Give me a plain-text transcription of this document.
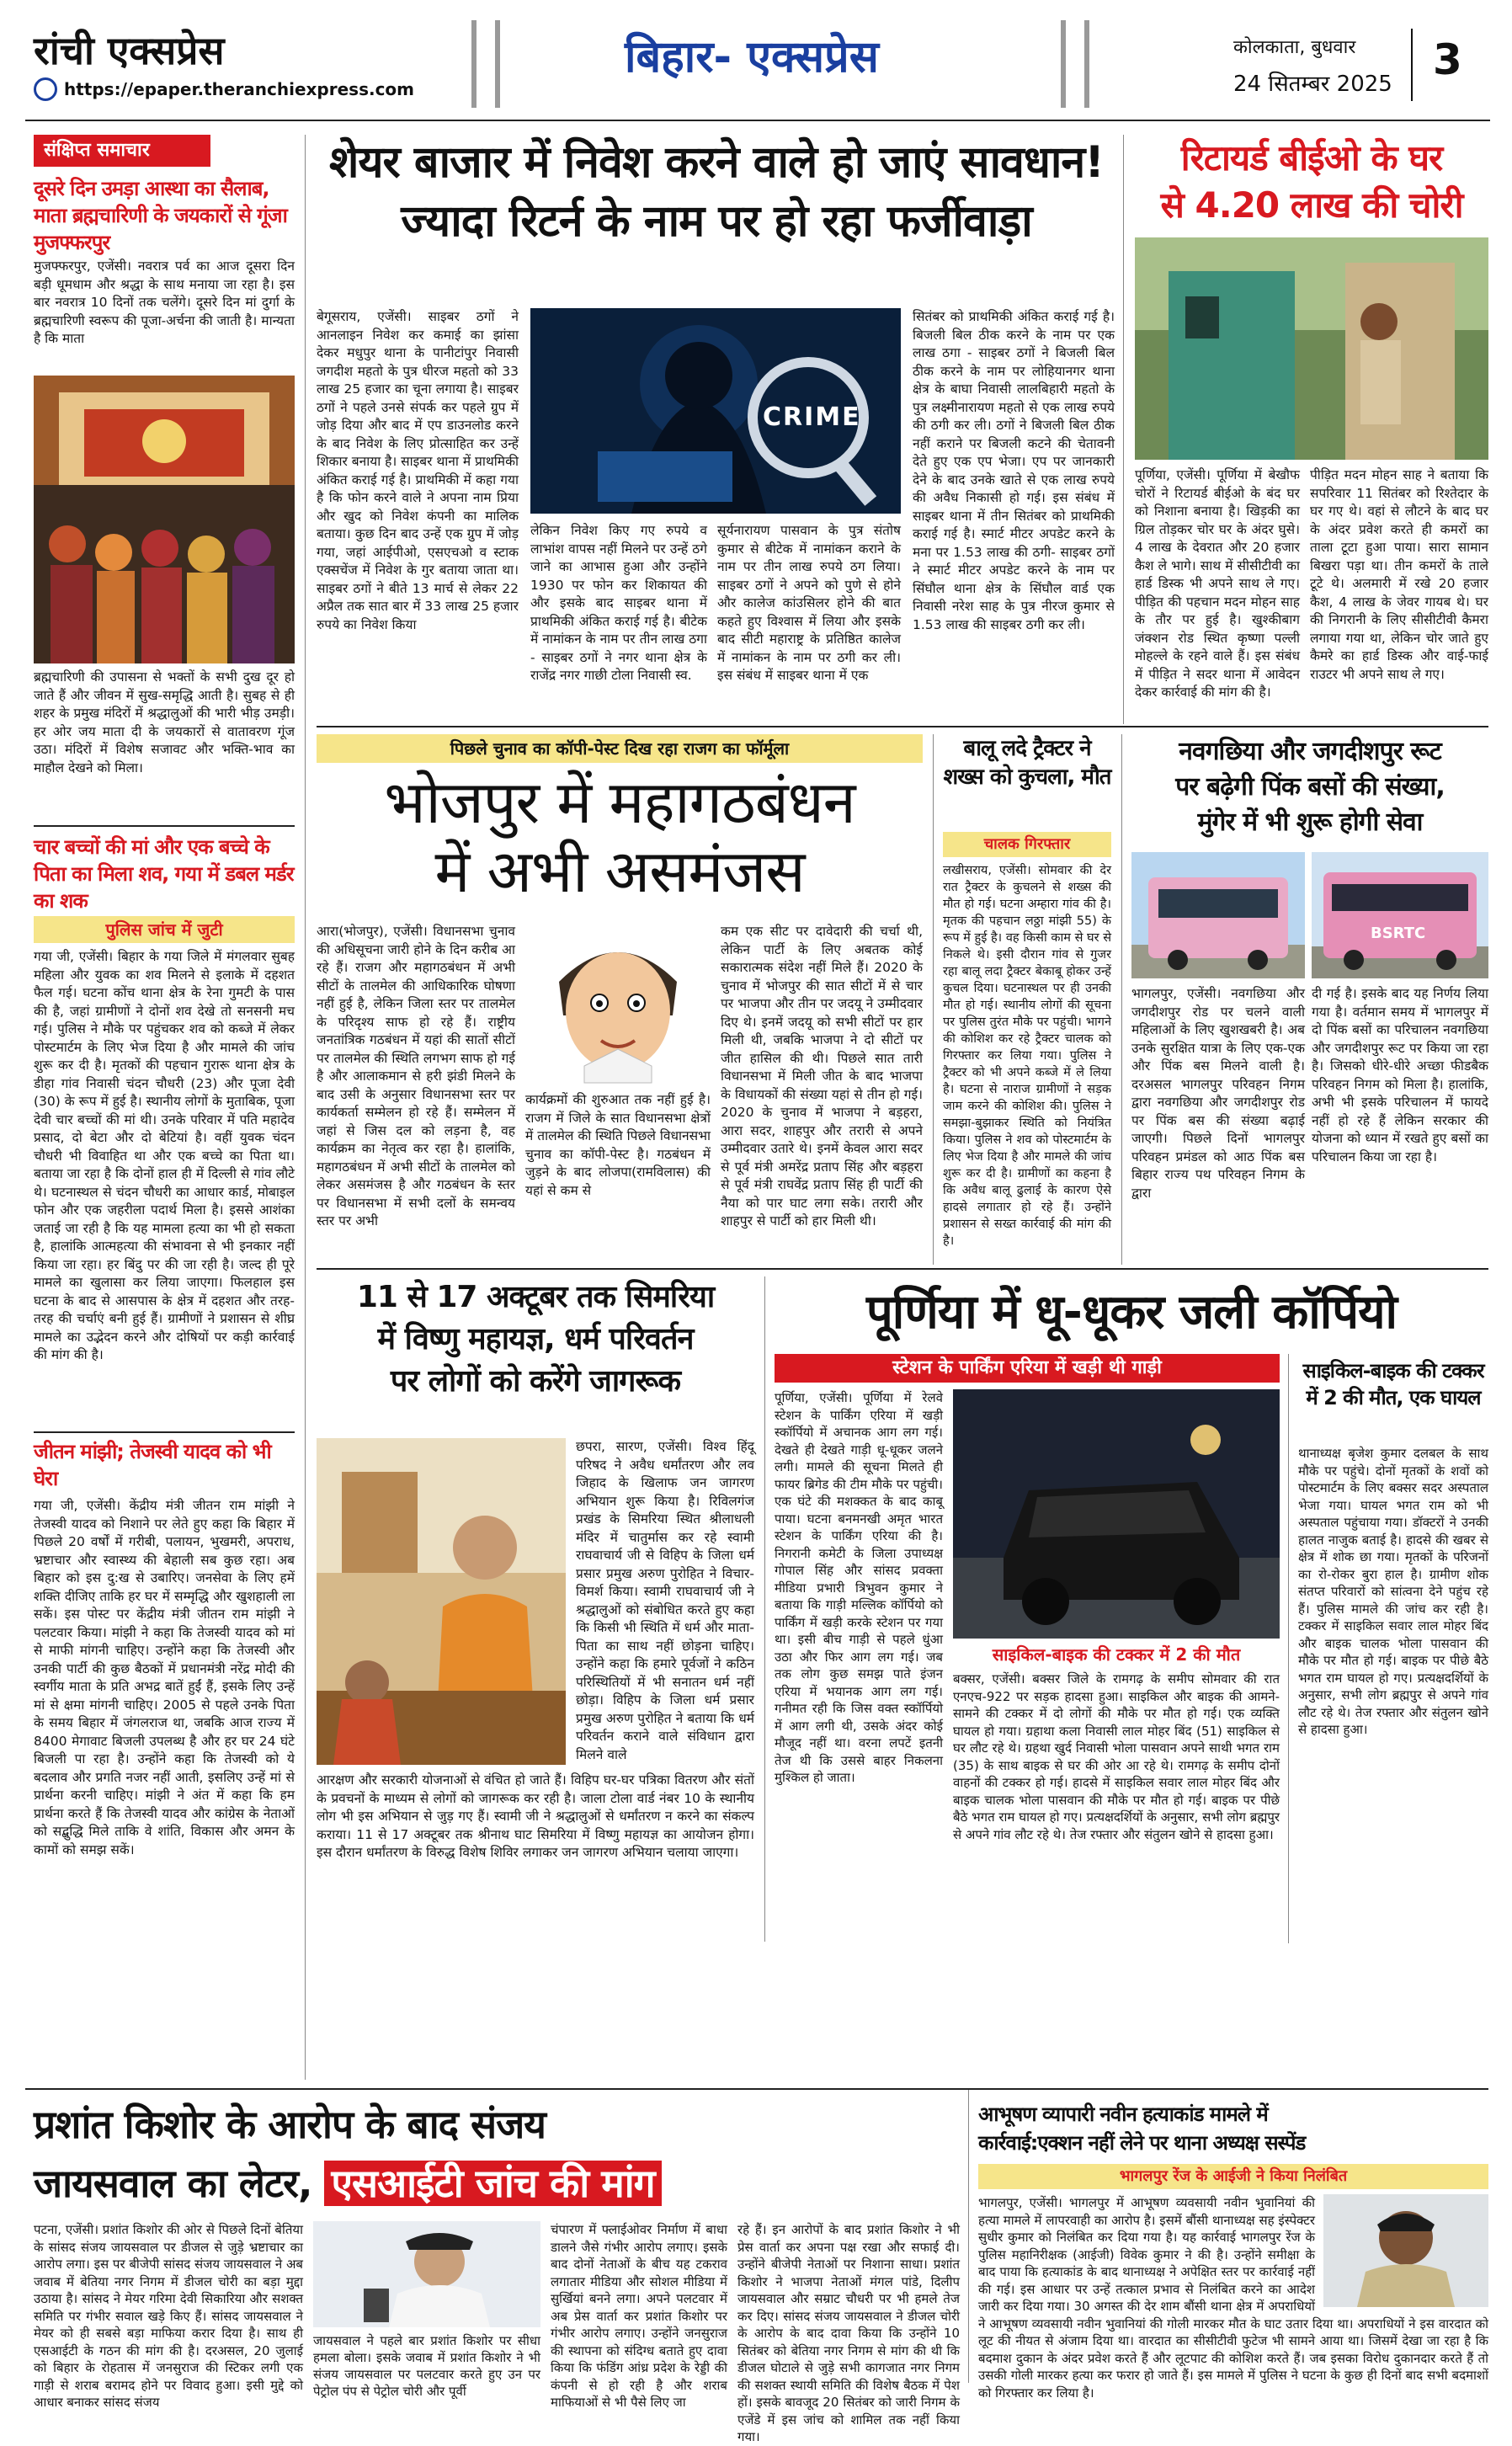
रांची एक्सप्रेस
https://epaper.theranchiexpress.com
बिहार- एक्सप्रेस	कोलकाता, बुधवार
24 सितम्बर 2025 3
संक्षिप्त समाचार
दूसरे दिन उमड़ा आस्था का सैलाब, माता ब्रह्मचारिणी के जयकारों से गूंजा मुजफ्फरपुर
मुजफ्फरपुर, एजेंसी। नवरात्र पर्व का आज दूसरा दिन बड़ी धूमधाम और श्रद्धा के साथ मनाया जा रहा है। इस बार नवरात्र 10 दिनों तक चलेंगे। दूसरे दिन मां दुर्गा के ब्रह्मचारिणी स्वरूप की पूजा-अर्चना की जाती है। मान्यता है कि माता
ब्रह्मचारिणी की उपासना से भक्तों के सभी दुख दूर हो जाते हैं और जीवन में सुख-समृद्धि आती है। सुबह से ही शहर के प्रमुख मंदिरों में श्रद्धालुओं की भारी भीड़ उमड़ी। हर ओर जय माता दी के जयकारों से वातावरण गूंज उठा। मंदिरों में विशेष सजावट और भक्ति-भाव का माहौल देखने को मिला।
चार बच्चों की मां और एक बच्चे के पिता का मिला शव, गया में डबल मर्डर का शक
पुलिस जांच में जुटी
गया जी, एजेंसी। बिहार के गया जिले में मंगलवार सुबह महिला और युवक का शव मिलने से इलाके में दहशत फैल गई। घटना कोंच थाना क्षेत्र के रेना गुमटी के पास की है, जहां ग्रामीणों ने दोनों शव देखे तो सनसनी मच गई। पुलिस ने मौके पर पहुंचकर शव को कब्जे में लेकर पोस्टमार्टम के लिए भेज दिया है और मामले की जांच शुरू कर दी है। मृतकों की पहचान गुरारू थाना क्षेत्र के डीहा गांव निवासी चंदन चौधरी (23) और पूजा देवी (30) के रूप में हुई है। स्थानीय लोगों के मुताबिक, पूजा देवी चार बच्चों की मां थी। उनके परिवार में पति महादेव प्रसाद, दो बेटा और दो बेटियां है। वहीं युवक चंदन चौधरी भी विवाहित था और एक बच्चे का पिता था। बताया जा रहा है कि दोनों हाल ही में दिल्ली से गांव लौटे थे। घटनास्थल से चंदन चौधरी का आधार कार्ड, मोबाइल फोन और एक जहरीला पदार्थ मिला है। इससे आशंका जताई जा रही है कि यह मामला हत्या का भी हो सकता है, हालांकि आत्महत्या की संभावना से भी इनकार नहीं किया जा रहा। हर बिंदु पर की जा रही है। जल्द ही पूरे मामले का खुलासा कर लिया जाएगा। फिलहाल इस घटना के बाद से आसपास के क्षेत्र में दहशत और तरह-तरह की चर्चाएं बनी हुई हैं। ग्रामीणों ने प्रशासन से शीघ्र मामले का उद्भेदन करने और दोषियों पर कड़ी कार्रवाई की मांग की है।
जीतन मांझी; तेजस्वी यादव को भी घेरा
गया जी, एजेंसी। केंद्रीय मंत्री जीतन राम मांझी ने तेजस्वी यादव को निशाने पर लेते हुए कहा कि बिहार में पिछले 20 वर्षों में गरीबी, पलायन, भुखमरी, अपराध, भ्रष्टाचार और स्वास्थ्य की बेहाली सब कुछ रहा। अब बिहार को इस दु:ख से उबारिए। जनसेवा के लिए हमें शक्ति दीजिए ताकि हर घर में सम्मृद्धि और खुशहाली ला सकें। इस पोस्ट पर केंद्रीय मंत्री जीतन राम मांझी ने पलटवार किया। मांझी ने कहा कि तेजस्वी यादव को मां से माफी मांगनी चाहिए। उन्होंने कहा कि तेजस्वी और उनकी पार्टी की कुछ बैठकों में प्रधानमंत्री नरेंद्र मोदी की स्वर्गीय माता के प्रति अभद्र बातें हुईं हैं, इसके लिए उन्हें मां से क्षमा मांगनी चाहिए। 2005 से पहले उनके पिता के समय बिहार में जंगलराज था, जबकि आज राज्य में 8400 मेगावाट बिजली उपलब्ध है और हर घर 24 घंटे बिजली पा रहा है। उन्होंने कहा कि तेजस्वी को ये बदलाव और प्रगति नजर नहीं आती, इसलिए उन्हें मां से प्रार्थना करनी चाहिए। मांझी ने अंत में कहा कि हम प्रार्थना करते हैं कि तेजस्वी यादव और कांग्रेस के नेताओं को सद्बुद्धि मिले ताकि वे शांति, विकास और अमन के कामों को समझ सकें।
शेयर बाजार में निवेश करने वाले हो जाएं सावधान!
ज्यादा रिटर्न के नाम पर हो रहा फर्जीवाड़ा
CRIME
बेगूसराय, एजेंसी। साइबर ठगों ने आनलाइन निवेश कर कमाई का झांसा देकर मधुपुर थाना के पानीटांपुर निवासी जगदीश महतो के पुत्र धीरज महतो को 33 लाख 25 हजार का चूना लगाया है। साइबर ठगों ने पहले उनसे संपर्क कर पहले ग्रुप में जोड़ दिया और बाद में एप डाउनलोड करने के बाद निवेश के लिए प्रोत्साहित कर उन्हें शिकार बनाया है। साइबर थाना में प्राथमिकी अंकित कराई गई है। प्राथमिकी में कहा गया है कि फोन करने वाले ने अपना नाम प्रिया और खुद को निवेश कंपनी का मालिक बताया। कुछ दिन बाद उन्हें एक ग्रुप में जोड़ गया, जहां आईपीओ, एसएचओ व स्टाक एक्सचेंज में निवेश के गुर बताया जाता था। साइबर ठगों ने बीते 13 मार्च से लेकर 22 अप्रैल तक सात बार में 33 लाख 25 हजार रुपये का निवेश किया
लेकिन निवेश किए गए रुपये व लाभांश वापस नहीं मिलने पर उन्हें ठगे जाने का आभास हुआ और उन्होंने 1930 पर फोन कर शिकायत की और इसके बाद साइबर थाना में प्राथमिकी अंकित कराई गई है। बीटेक में नामांकन के नाम पर तीन लाख ठगा - साइबर ठगों ने नगर थाना क्षेत्र के राजेंद्र नगर गाछी टोला निवासी स्व.
सूर्यनारायण पासवान के पुत्र संतोष कुमार से बीटेक में नामांकन कराने के नाम पर तीन लाख रुपये ठग लिया। साइबर ठगों ने अपने को पुणे से होने और कालेज कांउसिलर होने की बात कहते हुए विश्वास में लिया और इसके बाद सीटी महाराष्ट्र के प्रतिष्ठित कालेज में नामांकन के नाम पर ठगी कर ली। इस संबंध में साइबर थाना में एक
सितंबर को प्राथमिकी अंकित कराई गई है। बिजली बिल ठीक करने के नाम पर एक लाख ठगा - साइबर ठगों ने बिजली बिल ठीक करने के नाम पर लोहियानगर थाना क्षेत्र के बाघा निवासी लालबिहारी महतो के पुत्र लक्ष्मीनारायण महतो से एक लाख रुपये की ठगी कर ली। ठगों ने बिजली बिल ठीक नहीं कराने पर बिजली कटने की चेतावनी देते हुए एक एप भेजा। एप पर जानकारी देने के बाद उनके खाते से एक लाख रुपये की अवैध निकासी हो गई। इस संबंध में साइबर थाना में तीन सितंबर को प्राथमिकी कराई गई है। स्मार्ट मीटर अपडेट करने के मना पर 1.53 लाख की ठगी- साइबर ठगों ने स्मार्ट मीटर अपडेट करने के नाम पर सिंघौल थाना क्षेत्र के सिंघौल वार्ड एक निवासी नरेश साह के पुत्र नीरज कुमार से 1.53 लाख की साइबर ठगी कर ली।
रिटायर्ड बीईओ के घर
से 4.20 लाख की चोरी
पूर्णिया, एजेंसी। पूर्णिया में बेखौफ चोरों ने रिटायर्ड बीईओ के बंद घर को निशाना बनाया है। खिड़की का ग्रिल तोड़कर चोर घर के अंदर घुसे। 4 लाख के देवरात और 20 हजार कैश ले भागे। साथ में सीसीटीवी का हार्ड डिस्क भी अपने साथ ले गए। पीड़ित की पहचान मदन मोहन साह के तौर पर हुई है। खुश्कीबाग जंक्शन रोड स्थित कृष्णा पल्ली मोहल्ले के रहने वाले हैं। इस संबंध में पीड़ित ने सदर थाना में आवेदन देकर कार्रवाई की मांग की है।
पीड़ित मदन मोहन साह ने बताया कि सपरिवार 11 सितंबर को रिश्तेदार के घर गए थे। वहां से लौटने के बाद घर के अंदर प्रवेश करते ही कमरों का ताला टूटा हुआ पाया। सारा सामान बिखरा पड़ा था। तीन कमरों के ताले टूटे थे। अलमारी में रखे 20 हजार कैश, 4 लाख के जेवर गायब थे। घर की निगरानी के लिए सीसीटीवी कैमरा लगाया गया था, लेकिन चोर जाते हुए कैमरे का हार्ड डिस्क और वाई-फाई राउटर भी अपने साथ ले गए।
पिछले चुनाव का कॉपी-पेस्ट दिख रहा राजग का फॉर्मूला
भोजपुर में महागठबंधन
में अभी असमंजस
आरा(भोजपुर), एजेंसी। विधानसभा चुनाव की अधिसूचना जारी होने के दिन करीब आ रहे हैं। राजग और महागठबंधन में अभी सीटों के तालमेल की आधिकारिक घोषणा नहीं हुई है, लेकिन जिला स्तर पर तालमेल के परिदृश्य साफ हो रहे हैं। राष्ट्रीय जनतांत्रिक गठबंधन में यहां की सातों सीटों पर तालमेल की स्थिति लगभग साफ हो गई है और आलाकमान से हरी झंडी मिलने के बाद उसी के अनुसार विधानसभा स्तर पर कार्यकर्ता सम्मेलन हो रहे हैं। सम्मेलन में जहां से जिस दल को लड़ना है, वह कार्यक्रम का नेतृत्व कर रहा है। हालांकि, महागठबंधन में अभी सीटों के तालमेल को लेकर असमंजस है और गठबंधन के स्तर पर विधानसभा में सभी दलों के समन्वय स्तर पर अभी
कार्यक्रमों की शुरुआत तक नहीं हुई है। राजग में जिले के सात विधानसभा क्षेत्रों में तालमेल की स्थिति पिछले विधानसभा चुनाव का कॉपी-पेस्ट है। गठबंधन में जुड़ने के बाद लोजपा(रामविलास) की यहां से कम से
कम एक सीट पर दावेदारी की चर्चा थी, लेकिन पार्टी के लिए अबतक कोई सकारात्मक संदेश नहीं मिले हैं। 2020 के चुनाव में भोजपुर की सात सीटों में से चार पर भाजपा और तीन पर जदयू ने उम्मीदवार दिए थे। इनमें जदयू को सभी सीटों पर हार मिली थी, जबकि भाजपा ने दो सीटों पर जीत हासिल की थी। पिछले सात तारी विधानसभा में मिली जीत के बाद भाजपा के विधायकों की संख्या यहां से तीन हो गई। 2020 के चुनाव में भाजपा ने बड़हरा, आरा सदर, शाहपुर और तरारी से अपने उम्मीदवार उतारे थे। इनमें केवल आरा सदर से पूर्व मंत्री अमरेंद्र प्रताप सिंह और बड़हरा से पूर्व मंत्री राघवेंद्र प्रताप सिंह ही पार्टी की नैया को पार घाट लगा सके। तरारी और शाहपुर से पार्टी को हार मिली थी।
बालू लदे ट्रैक्टर ने शख्स को कुचला, मौत
चालक गिरफ्तार
लखीसराय, एजेंसी। सोमवार की देर रात ट्रैक्टर के कुचलने से शख्स की मौत हो गई। घटना अम्हारा गांव की है। मृतक की पहचान लठ्ठा मांझी 55) के रूप में हुई है। वह किसी काम से घर से निकले थे। इसी दौरान गांव से गुजर रहा बालू लदा ट्रैक्टर बेकाबू होकर उन्हें कुचल दिया। घटनास्थल पर ही उनकी मौत हो गई। स्थानीय लोगों की सूचना पर पुलिस तुरंत मौके पर पहुंची। भागने की कोशिश कर रहे ट्रैक्टर चालक को गिरफ्तार कर लिया गया। पुलिस ने ट्रैक्टर को भी अपने कब्जे में ले लिया है। घटना से नाराज ग्रामीणों ने सड़क जाम करने की कोशिश की। पुलिस ने समझा-बुझाकर स्थिति को नियंत्रित किया। पुलिस ने शव को पोस्टमार्टम के लिए भेज दिया है और मामले की जांच शुरू कर दी है। ग्रामीणों का कहना है कि अवैध बालू ढुलाई के कारण ऐसे हादसे लगातार हो रहे हैं। उन्होंने प्रशासन से सख्त कार्रवाई की मांग की है।
नवगछिया और जगदीशपुर रूट
पर बढ़ेगी पिंक बसों की संख्या,
मुंगेर में भी शुरू होगी सेवा
BSRTC
भागलपुर, एजेंसी। नवगछिया और जगदीशपुर रोड पर चलने वाली महिलाओं के लिए खुशखबरी है। अब उनके सुरक्षित यात्रा के लिए एक-एक और पिंक बस मिलने वाली है। दरअसल भागलपुर परिवहन निगम द्वारा नवगछिया और जगदीशपुर रोड पर पिंक बस की संख्या बढ़ाई जाएगी। पिछले दिनों भागलपुर परिवहन प्रमंडल को आठ पिंक बस बिहार राज्य पथ परिवहन निगम के द्वारा
दी गई है। इसके बाद यह निर्णय लिया गया है। वर्तमान समय में भागलपुर में दो पिंक बसों का परिचालन नवगछिया और जगदीशपुर रूट पर किया जा रहा है। जिसको धीरे-धीरे अच्छा फीडबैक परिवहन निगम को मिला है। हालांकि, अभी भी इसके परिचालन में फायदे नहीं हो रहे हैं लेकिन सरकार की योजना को ध्यान में रखते हुए बसों का परिचालन किया जा रहा है।
11 से 17 अक्टूबर तक सिमरिया
में विष्णु महायज्ञ, धर्म परिवर्तन
पर लोगों को करेंगे जागरूक
छपरा, सारण, एजेंसी। विश्व हिंदू परिषद ने अवैध धर्मांतरण और लव जिहाद के खिलाफ जन जागरण अभियान शुरू किया है। रिविलगंज प्रखंड के सिमरिया स्थित श्रीलाधली मंदिर में चातुर्मास कर रहे स्वामी राघवाचार्य जी से विहिप के जिला धर्म प्रसार प्रमुख अरुण पुरोहित ने विचार-विमर्श किया। स्वामी राघवाचार्य जी ने श्रद्धालुओं को संबोधित करते हुए कहा कि किसी भी स्थिति में धर्म और माता-पिता का साथ नहीं छोड़ना चाहिए। उन्होंने कहा कि हमारे पूर्वजों ने कठिन परिस्थितियों में भी सनातन धर्म नहीं छोड़ा। विहिप के जिला धर्म प्रसार प्रमुख अरुण पुरोहित ने बताया कि धर्म परिवर्तन कराने वाले संविधान द्वारा मिलने वाले
आरक्षण और सरकारी योजनाओं से वंचित हो जाते हैं। विहिप घर-घर पत्रिका वितरण और संतों के प्रवचनों के माध्यम से लोगों को जागरूक कर रही है। जाला टोला वार्ड नंबर 10 के स्थानीय लोग भी इस अभियान से जुड़ गए हैं। स्वामी जी ने श्रद्धालुओं से धर्मांतरण न करने का संकल्प कराया। 11 से 17 अक्टूबर तक श्रीनाथ घाट सिमरिया में विष्णु महायज्ञ का आयोजन होगा। इस दौरान धर्मांतरण के विरुद्ध विशेष शिविर लगाकर जन जागरण अभियान चलाया जाएगा।
पूर्णिया में धू-धूकर जली कॉर्पियो
स्टेशन के पार्किंग एरिया में खड़ी थी गाड़ी
पूर्णिया, एजेंसी। पूर्णिया में रेलवे स्टेशन के पार्किंग एरिया में खड़ी स्कॉर्पियो में अचानक आग लग गई। देखते ही देखते गाड़ी धू-धूकर जलने लगी। मामले की सूचना मिलते ही फायर ब्रिगेड की टीम मौके पर पहुंची। एक घंटे की मशक्कत के बाद काबू पाया। घटना बनमनखी अमृत भारत स्टेशन के पार्किंग एरिया की है। निगरानी कमेटी के जिला उपाध्यक्ष गोपाल सिंह और सांसद प्रवक्ता मीडिया प्रभारी त्रिभुवन कुमार ने बताया कि गाड़ी मल्लिक कॉर्पियो को पार्किंग में खड़ी करके स्टेशन पर गया था। इसी बीच गाड़ी से पहले धुंआ उठा और फिर आग लग गई। जब तक लोग कुछ समझ पाते इंजन एरिया में भयानक आग लग गई। गनीमत रही कि जिस वक्त स्कॉर्पियो में आग लगी थी, उसके अंदर कोई मौजूद नहीं था। वरना लपटें इतनी तेज थी कि उससे बाहर निकलना मुश्किल हो जाता।
साइकिल-बाइक की टक्कर में 2 की मौत
बक्सर, एजेंसी। बक्सर जिले के रामगढ़ के समीप सोमवार की रात एनएच-922 पर सड़क हादसा हुआ। साइकिल और बाइक की आमने-सामने की टक्कर में दो लोगों की मौके पर मौत हो गई। एक व्यक्ति घायल हो गया। ग्रहाथा कला निवासी लाल मोहर बिंद (51) साइकिल से घर लौट रहे थे। ग्रहथा खुर्द निवासी भोला पासवान अपने साथी भगत राम (35) के साथ बाइक से घर की ओर आ रहे थे। रामगढ़ के समीप दोनों वाहनों की टक्कर हो गई। हादसे में साइकिल सवार लाल मोहर बिंद और बाइक चालक भोला पासवान की मौके पर मौत हो गई। बाइक पर पीछे बैठे भगत राम घायल हो गए। प्रत्यक्षदर्शियों के अनुसार, सभी लोग ब्रह्मपुर से अपने गांव लौट रहे थे। तेज रफ्तार और संतुलन खोने से हादसा हुआ।
साइकिल-बाइक की टक्कर में 2 की मौत, एक घायल
थानाध्यक्ष बृजेश कुमार दलबल के साथ मौके पर पहुंचे। दोनों मृतकों के शवों को पोस्टमार्टम के लिए बक्सर सदर अस्पताल भेजा गया। घायल भगत राम को भी अस्पताल पहुंचाया गया। डॉक्टरों ने उनकी हालत नाजुक बताई है। हादसे की खबर से क्षेत्र में शोक छा गया। मृतकों के परिजनों का रो-रोकर बुरा हाल है। ग्रामीण शोक संतप्त परिवारों को सांत्वना देने पहुंच रहे हैं। पुलिस मामले की जांच कर रही है। टक्कर में साइकिल सवार लाल मोहर बिंद और बाइक चालक भोला पासवान की मौके पर मौत हो गई। बाइक पर पीछे बैठे भगत राम घायल हो गए। प्रत्यक्षदर्शियों के अनुसार, सभी लोग ब्रह्मपुर से अपने गांव लौट रहे थे। तेज रफ्तार और संतुलन खोने से हादसा हुआ।
प्रशांत किशोर के आरोप के बाद संजय
जायसवाल का लेटर, एसआईटी जांच की मांग
पटना, एजेंसी। प्रशांत किशोर की ओर से पिछले दिनों बेतिया के सांसद संजय जायसवाल पर डीजल से जुड़े भ्रष्टाचार का आरोप लगा। इस पर बीजेपी सांसद संजय जायसवाल ने अब जवाब में बेतिया नगर निगम में डीजल चोरी का बड़ा मुद्दा उठाया है। सांसद ने मेयर गरिमा देवी सिकारिया और सशक्त समिति पर गंभीर सवाल खड़े किए हैं। सांसद जायसवाल ने मेयर को ही सबसे बड़ा माफिया करार दिया है। साथ ही एसआईटी के गठन की मांग की है। दरअसल, 20 जुलाई को बिहार के रोहतास में जनसुराज की स्टिकर लगी एक गाड़ी से शराब बरामद होने पर विवाद हुआ। इसी मुद्दे को आधार बनाकर सांसद संजय
जायसवाल ने पहले बार प्रशांत किशोर पर सीधा हमला बोला। इसके जवाब में प्रशांत किशोर ने भी संजय जायसवाल पर पलटवार करते हुए उन पर पेट्रोल पंप से पेट्रोल चोरी और पूर्वी
चंपारण में फ्लाईओवर निर्माण में बाधा डालने जैसे गंभीर आरोप लगाए। इसके बाद दोनों नेताओं के बीच यह टकराव लगातार मीडिया और सोशल मीडिया में सुर्खियां बनने लगा। अपने पलटवार में अब प्रेस वार्ता कर प्रशांत किशोर पर गंभीर आरोप लगाए। उन्होंने जनसुराज की स्थापना को संदिग्ध बताते हुए दावा किया कि फंडिंग आंध्र प्रदेश के रेड्डी की कंपनी से हो रही है और शराब माफियाओं से भी पैसे लिए जा
रहे हैं। इन आरोपों के बाद प्रशांत किशोर ने भी प्रेस वार्ता कर अपना पक्ष रखा और सफाई दी। उन्होंने बीजेपी नेताओं पर निशाना साधा। प्रशांत किशोर ने भाजपा नेताओं मंगल पांडे, दिलीप जायसवाल और सम्राट चौधरी पर भी हमले तेज कर दिए। सांसद संजय जायसवाल ने डीजल चोरी के आरोप के बाद दावा किया कि उन्होंने 10 सितंबर को बेतिया नगर निगम से मांग की थी कि डीजल घोटाले से जुड़े सभी कागजात नगर निगम की सशक्त स्थायी समिति की विशेष बैठक में पेश हों। इसके बावजूद 20 सितंबर को जारी निगम के एजेंडे में इस जांच को शामिल तक नहीं किया गया।
आभूषण व्यापारी नवीन हत्याकांड मामले में
कार्रवाई:एक्शन नहीं लेने पर थाना अध्यक्ष सस्पेंड
भागलपुर रेंज के आईजी ने किया निलंबित
भागलपुर, एजेंसी। भागलपुर में आभूषण व्यवसायी नवीन भुवानियां की हत्या मामले में लापरवाही का आरोप है। इसमें बौंसी थानाध्यक्ष सह इंस्पेक्टर सुधीर कुमार को निलंबित कर दिया गया है। यह कार्रवाई भागलपुर रेंज के पुलिस महानिरीक्षक (आईजी) विवेक कुमार ने की है। उन्होंने समीक्षा के बाद पाया कि हत्याकांड के बाद थानाध्यक्ष ने अपेक्षित स्तर पर कार्रवाई नहीं की गई। इस आधार पर उन्हें तत्काल प्रभाव से निलंबित करने का आदेश जारी कर दिया गया। 30 अगस्त की देर शाम बौंसी थाना क्षेत्र में अपराधियों ने आभूषण व्यवसायी नवीन भुवानियां की गोली मारकर मौत के घाट उतार दिया था। अपराधियों ने इस वारदात को लूट की नीयत से अंजाम दिया था। वारदात का सीसीटीवी फुटेज भी सामने आया था। जिसमें देखा जा रहा है कि बदमाश दुकान के अंदर प्रवेश करते हैं और लूटपाट की कोशिश करते हैं। जब इसका विरोध दुकानदार करते हैं तो उसकी गोली मारकर हत्या कर फरार हो जाते हैं। इस मामले में पुलिस ने घटना के कुछ ही दिनों बाद सभी बदमाशों को गिरफ्तार कर लिया है।
